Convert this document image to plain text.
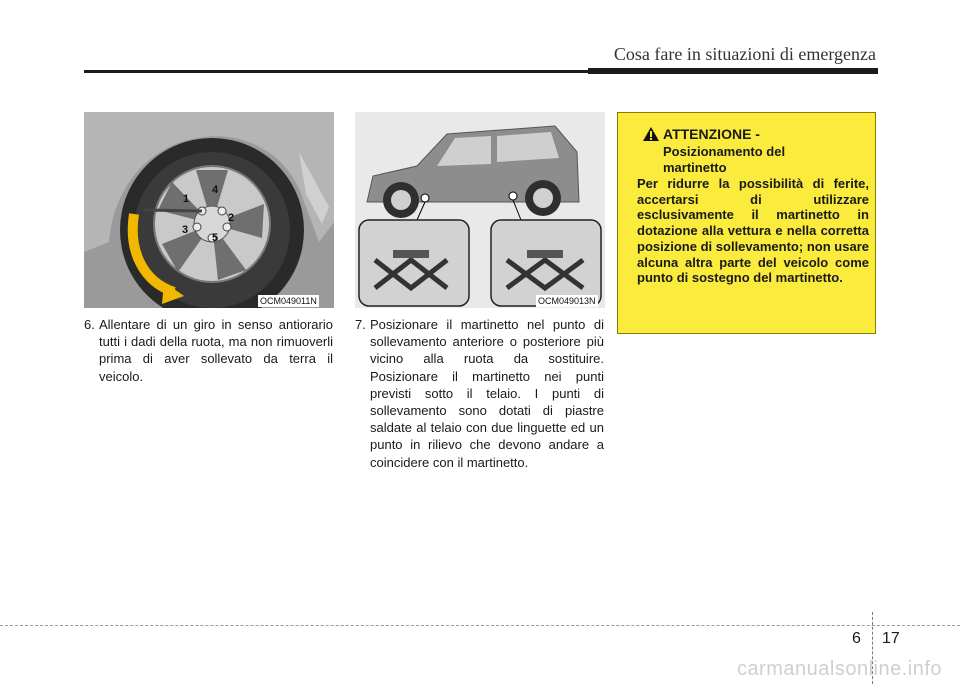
Cosa fare in situazioni di emergenza
1
2
3
4
5
OCM049011N	OCM049013N
6. Allentare di un giro in senso antiorario tutti i dadi della ruota, ma non rimuoverli prima di aver sollevato da terra il veicolo.
7. Posizionare il martinetto nel punto di sollevamento anteriore o posteriore più vicino alla ruota da sostituire. Posizionare il martinetto nei punti previsti sotto il telaio. I punti di sollevamento sono dotati di piastre saldate al telaio con due linguette ed un punto in rilievo che devono andare a coincidere con il martinetto.
ATTENZIONE -
Posizionamento del martinetto
Per ridurre la possibilità di ferite, accertarsi di utilizzare esclusivamente il martinetto in dotazione alla vettura e nella corretta posizione di sollevamento; non usare alcuna altra parte del veicolo come punto di sostegno del martinetto.
6 17
carmanualsonline.info
